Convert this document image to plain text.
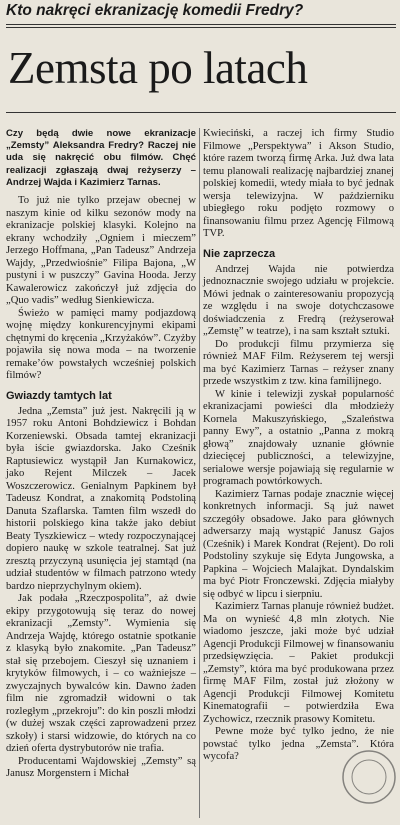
Kto nakręci ekranizację komedii Fredry?
Zemsta po latach

Czy będą dwie nowe ekranizacje „Zemsty” Aleksandra Fredry? Raczej nie uda się nakręcić obu filmów. Chęć realizacji zgłaszają dwaj reżyserzy – Andrzej Wajda i Kazimierz Tarnas.

To już nie tylko przejaw obecnej w naszym kinie od kilku sezonów mody na ekranizacje polskiej klasyki. Kolejno na ekrany wchodziły „Ogniem i mieczem” Jerzego Hoffmana, „Pan Tadeusz” Andrzeja Wajdy, „Przedwiośnie” Filipa Bajona, „W pustyni i w puszczy” Gavina Hooda. Jerzy Kawalerowicz zakończył już zdjęcia do „Quo vadis” według Sienkiewicza.

Świeżo w pamięci mamy podjazdową wojnę między konkurencyjnymi ekipami chętnymi do kręcenia „Krzyżaków”. Czyżby pojawiła się nowa moda – na tworzenie remake’ów powstałych wcześniej polskich filmów?

Gwiazdy tamtych lat

Jedna „Zemsta” już jest. Nakręcili ją w 1957 roku Antoni Bohdziewicz i Bohdan Korzeniewski. Obsada tamtej ekranizacji była iście gwiazdorska. Jako Cześnik Raptusiewicz wystąpił Jan Kurnakowicz, jako Rejent Milczek – Jacek Woszczerowicz. Genialnym Papkinem był Tadeusz Kondrat, a znakomitą Podstoliną Danuta Szaflarska. Tamten film wszedł do historii polskiego kina także jako debiut Beaty Tyszkiewicz – wtedy rozpoczynającej dopiero naukę w szkole teatralnej. Sat już zresztą przyczyną usunięcia jej stamtąd (na udział studentów w filmach patrzono wtedy bardzo nieprzychylnym okiem).

Jak podała „Rzeczpospolita”, aż dwie ekipy przygotowują się teraz do nowej ekranizacji „Zemsty”. Wymienia się Andrzeja Wajdę, którego ostatnie spotkanie z klasyką było znakomite. „Pan Tadeusz” stał się przebojem. Cieszył się uznaniem i krytyków filmowych, i – co ważniejsze – zwyczajnych bywalców kin. Dawno żaden film nie zgromadził widowni o tak rozległym „przekroju”: do kin poszli młodzi (w dużej wszak części zaprowadzeni przez szkoły) i starsi widzowie, do których na co dzień oferta dystrybutorów nie trafia.

Producentami Wajdowskiej „Zemsty” są Janusz Morgenstern i Michał

Kwieciński, a raczej ich firmy Studio Filmowe „Perspektywa” i Akson Studio, które razem tworzą firmę Arka. Już dwa lata temu planowali realizację najbardziej znanej polskiej komedii, wtedy miała to być jednak wersja telewizyjna. W październiku ubiegłego roku podjęto rozmowy o finansowaniu filmu przez Agencję Filmową TVP.

Nie zaprzecza

Andrzej Wajda nie potwierdza jednoznacznie swojego udziału w projekcie. Mówi jednak o zainteresowaniu propozycją ze względu i na swoje dotychczasowe doświadczenia z Fredrą (reżyserował „Zemstę” w teatrze), i na sam kształt sztuki.

Do produkcji filmu przymierza się również MAF Film. Reżyserem tej wersji ma być Kazimierz Tarnas – reżyser znany przede wszystkim z tzw. kina familijnego.

W kinie i telewizji zyskał popularność ekranizacjami powieści dla młodzieży Kornela Makuszyńskiego, „Szaleństwa panny Ewy”, a ostatnio „Panna z mokrą głową” znajdowały uznanie głównie dziecięcej publiczności, a telewizyjne, serialowe wersje pojawiają się regularnie w programach powtórkowych.

Kazimierz Tarnas podaje znacznie więcej konkretnych informacji. Są już nawet szczegóły obsadowe. Jako para głównych adwersarzy mają wystąpić Janusz Gajos (Cześnik) i Marek Kondrat (Rejent). Do roli Podstoliny szykuje się Edyta Jungowska, a Papkina – Wojciech Malajkat. Dyndalskim ma być Piotr Fronczewski. Zdjęcia miałyby się odbyć w lipcu i sierpniu.

Kazimierz Tarnas planuje również budżet. Ma on wynieść 4,8 mln złotych. Nie wiadomo jeszcze, jaki może być udział Agencji Produkcji Filmowej w finansowaniu przedsięwzięcia. – Pakiet produkcji „Zemsty”, która ma być produkowana przez firmę MAF Film, został już złożony w Agencji Produkcji Filmowej Komitetu Kinematografii – potwierdziła Ewa Zychowicz, rzecznik prasowy Komitetu.

Pewne może być tylko jedno, że nie powstać tylko jedna „Zemsta”. Która wycofa?
